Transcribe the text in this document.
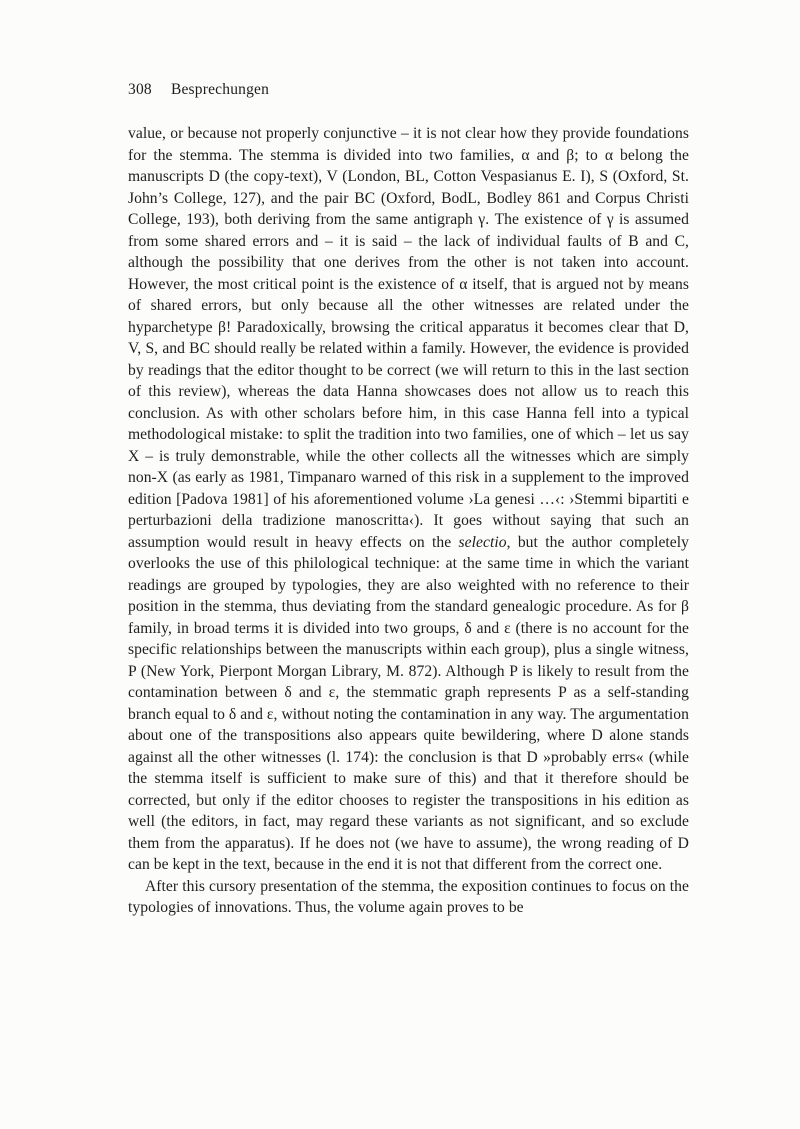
308 Besprechungen

value, or because not properly conjunctive – it is not clear how they provide foundations for the stemma. The stemma is divided into two families, α and β; to α belong the manuscripts D (the copy-text), V (London, BL, Cotton Vespasianus E. I), S (Oxford, St. John’s College, 127), and the pair BC (Oxford, BodL, Bodley 861 and Corpus Christi College, 193), both deriving from the same antigraph γ. The existence of γ is assumed from some shared errors and – it is said – the lack of individual faults of B and C, although the possibility that one derives from the other is not taken into account. However, the most critical point is the existence of α itself, that is argued not by means of shared errors, but only because all the other witnesses are related under the hyparchetype β! Paradoxically, browsing the critical apparatus it becomes clear that D, V, S, and BC should really be related within a family. However, the evidence is provided by readings that the editor thought to be correct (we will return to this in the last section of this review), whereas the data Hanna showcases does not allow us to reach this conclusion. As with other scholars before him, in this case Hanna fell into a typical methodological mistake: to split the tradition into two families, one of which – let us say X – is truly demonstrable, while the other collects all the witnesses which are simply non-X (as early as 1981, Timpanaro warned of this risk in a supplement to the improved edition [Padova 1981] of his aforementioned volume ›La genesi …‹: ›Stemmi bipartiti e perturbazioni della tradizione manoscritta‹). It goes without saying that such an assumption would result in heavy effects on the selectio, but the author completely overlooks the use of this philological technique: at the same time in which the variant readings are grouped by typologies, they are also weighted with no reference to their position in the stemma, thus deviating from the standard genealogic procedure. As for β family, in broad terms it is divided into two groups, δ and ε (there is no account for the specific relationships between the manuscripts within each group), plus a single witness, P (New York, Pierpont Morgan Library, M. 872). Although P is likely to result from the contamination between δ and ε, the stemmatic graph represents P as a self-standing branch equal to δ and ε, without noting the contamination in any way. The argumentation about one of the transpositions also appears quite bewildering, where D alone stands against all the other witnesses (l. 174): the conclusion is that D »probably errs« (while the stemma itself is sufficient to make sure of this) and that it therefore should be corrected, but only if the editor chooses to register the transpositions in his edition as well (the editors, in fact, may regard these variants as not significant, and so exclude them from the apparatus). If he does not (we have to assume), the wrong reading of D can be kept in the text, because in the end it is not that different from the correct one.

After this cursory presentation of the stemma, the exposition continues to focus on the typologies of innovations. Thus, the volume again proves to be
